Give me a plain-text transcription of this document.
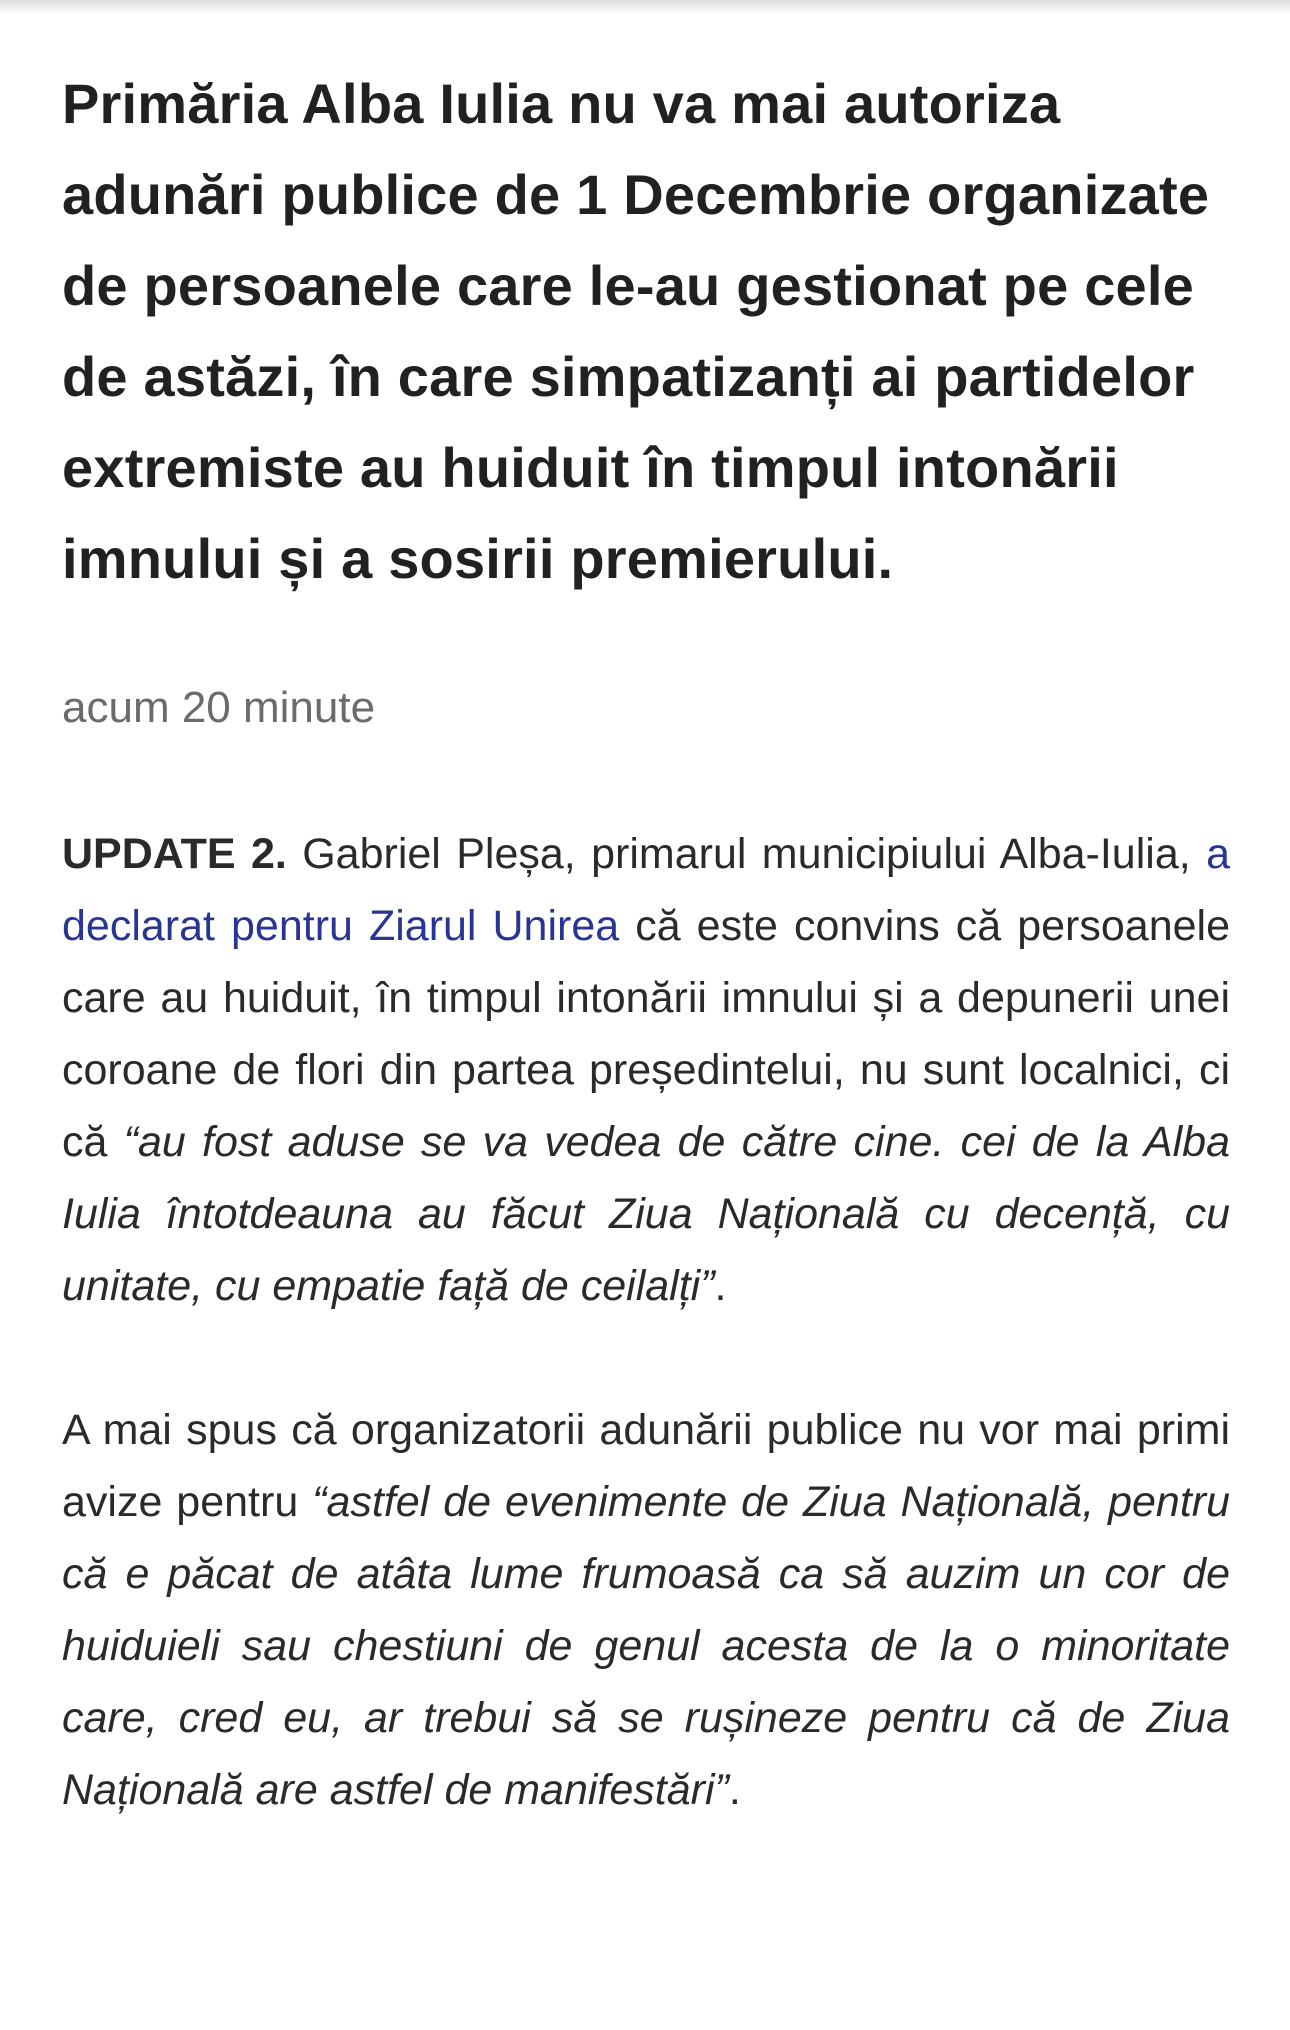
Primăria Alba Iulia nu va mai autoriza adunări publice de 1 Decembrie organizate de persoanele care le-au gestionat pe cele de astăzi, în care simpatizanți ai partidelor extremiste au huiduit în timpul intonării imnului și a sosirii premierului.
acum 20 minute

UPDATE 2. Gabriel Pleșa, primarul municipiului Alba-Iulia, a declarat pentru Ziarul Unirea că este convins că persoanele care au huiduit, în timpul intonării imnului și a depunerii unei coroane de flori din partea președintelui, nu sunt localnici, ci că “au fost aduse se va vedea de către cine. cei de la Alba Iulia întotdeauna au făcut Ziua Națională cu decență, cu unitate, cu empatie față de ceilalți”.

A mai spus că organizatorii adunării publice nu vor mai primi avize pentru “astfel de evenimente de Ziua Națională, pentru că e păcat de atâta lume frumoasă ca să auzim un cor de huiduieli sau chestiuni de genul acesta de la o minoritate care, cred eu, ar trebui să se rușineze pentru că de Ziua Națională are astfel de manifestări”.
